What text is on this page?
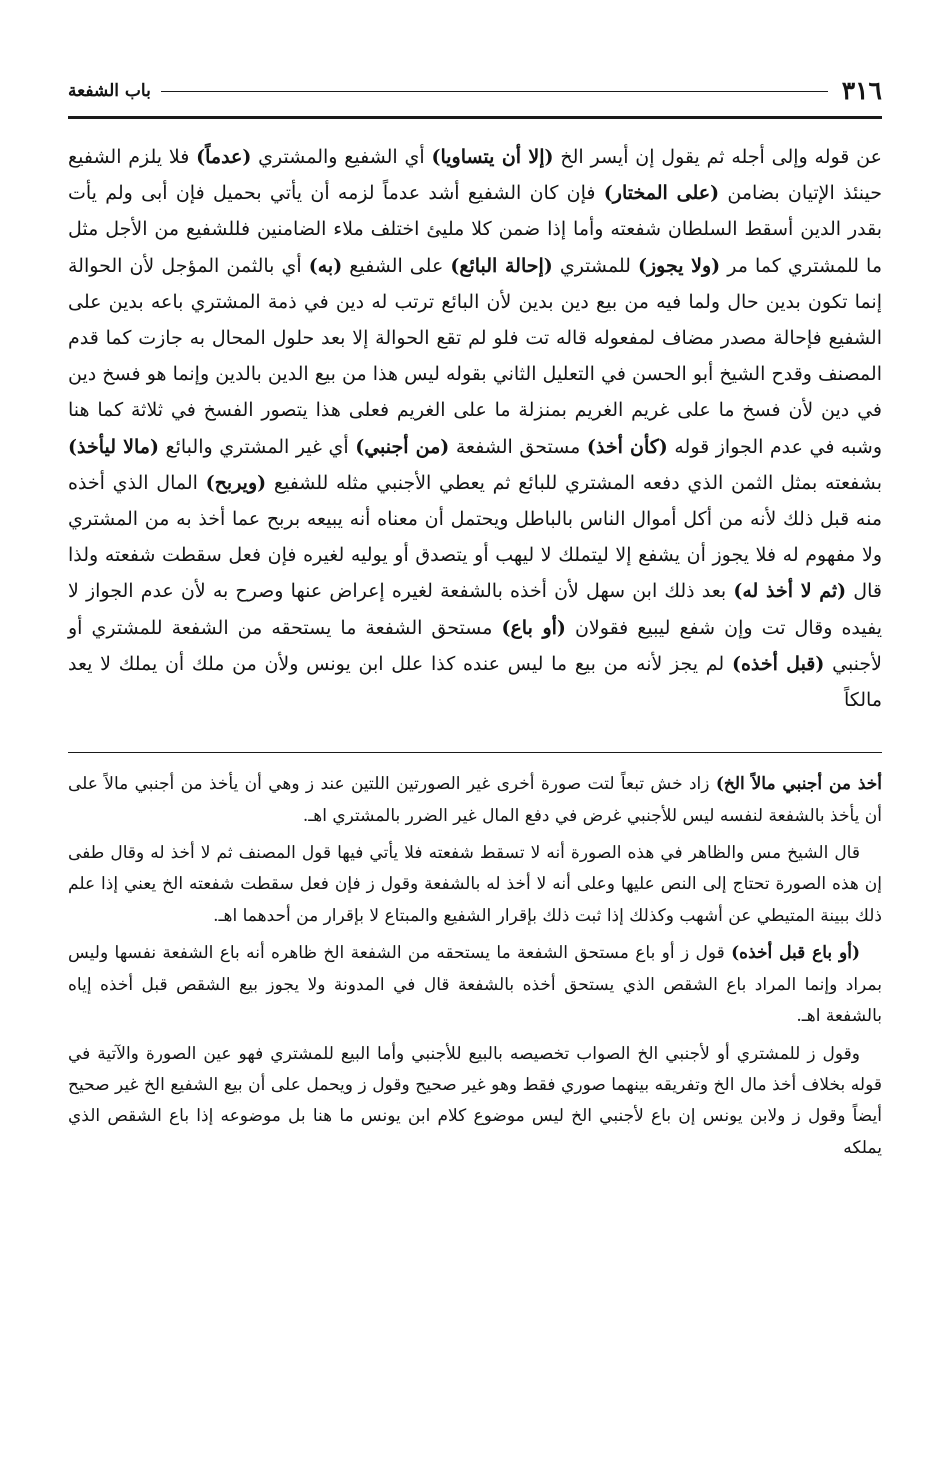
٣١٦
باب الشفعة
عن قوله وإلى أجله ثم يقول إن أيسر الخ (إلا أن يتساويا) أي الشفيع والمشتري (عدماً) فلا يلزم الشفيع حينئذ الإتيان بضامن (على المختار) فإن كان الشفيع أشد عدماً لزمه أن يأتي بحميل فإن أبى ولم يأت بقدر الدين أسقط السلطان شفعته وأما إذا ضمن كلا مليئ اختلف ملاء الضامنين فللشفيع من الأجل مثل ما للمشتري كما مر (ولا يجوز) للمشتري (إحالة البائع) على الشفيع (به) أي بالثمن المؤجل لأن الحوالة إنما تكون بدين حال ولما فيه من بيع دين بدين لأن البائع ترتب له دين في ذمة المشتري باعه بدين على الشفيع فإحالة مصدر مضاف لمفعوله قاله تت فلو لم تقع الحوالة إلا بعد حلول المحال به جازت كما قدم المصنف وقدح الشيخ أبو الحسن في التعليل الثاني بقوله ليس هذا من بيع الدين بالدين وإنما هو فسخ دين في دين لأن فسخ ما على غريم الغريم بمنزلة ما على الغريم فعلى هذا يتصور الفسخ في ثلاثة كما هنا وشبه في عدم الجواز قوله (كأن أخذ) مستحق الشفعة (من أجنبي) أي غير المشتري والبائع (مالا ليأخذ) بشفعته بمثل الثمن الذي دفعه المشتري للبائع ثم يعطي الأجنبي مثله للشفيع (ويربح) المال الذي أخذه منه قبل ذلك لأنه من أكل أموال الناس بالباطل ويحتمل أن معناه أنه يبيعه بربح عما أخذ به من المشتري ولا مفهوم له فلا يجوز أن يشفع إلا ليتملك لا ليهب أو يتصدق أو يوليه لغيره فإن فعل سقطت شفعته ولذا قال (ثم لا أخذ له) بعد ذلك ابن سهل لأن أخذه بالشفعة لغيره إعراض عنها وصرح به لأن عدم الجواز لا يفيده وقال تت وإن شفع ليبيع فقولان (أو باع) مستحق الشفعة ما يستحقه من الشفعة للمشتري أو لأجنبي (قبل أخذه) لم يجز لأنه من بيع ما ليس عنده كذا علل ابن يونس ولأن من ملك أن يملك لا يعد مالكاً

أخذ من أجنبي مالاً الخ) زاد خش تبعاً لتت صورة أخرى غير الصورتين اللتين عند ز وهي أن يأخذ من أجنبي مالاً على أن يأخذ بالشفعة لنفسه ليس للأجنبي غرض في دفع المال غير الضرر بالمشتري اهـ.

قال الشيخ مس والظاهر في هذه الصورة أنه لا تسقط شفعته فلا يأتي فيها قول المصنف ثم لا أخذ له وقال طفى إن هذه الصورة تحتاج إلى النص عليها وعلى أنه لا أخذ له بالشفعة وقول ز فإن فعل سقطت شفعته الخ يعني إذا علم ذلك ببينة المتيطي عن أشهب وكذلك إذا ثبت ذلك بإقرار الشفيع والمبتاع لا بإقرار من أحدهما اهـ.

(أو باع قبل أخذه) قول ز أو باع مستحق الشفعة ما يستحقه من الشفعة الخ ظاهره أنه باع الشفعة نفسها وليس بمراد وإنما المراد باع الشقص الذي يستحق أخذه بالشفعة قال في المدونة ولا يجوز بيع الشقص قبل أخذه إياه بالشفعة اهـ.

وقول ز للمشتري أو لأجنبي الخ الصواب تخصيصه بالبيع للأجنبي وأما البيع للمشتري فهو عين الصورة والآتية في قوله بخلاف أخذ مال الخ وتفريقه بينهما صوري فقط وهو غير صحيح وقول ز ويحمل على أن بيع الشفيع الخ غير صحيح أيضاً وقول ز ولابن يونس إن باع لأجنبي الخ ليس موضوع كلام ابن يونس ما هنا بل موضوعه إذا باع الشقص الذي يملكه
